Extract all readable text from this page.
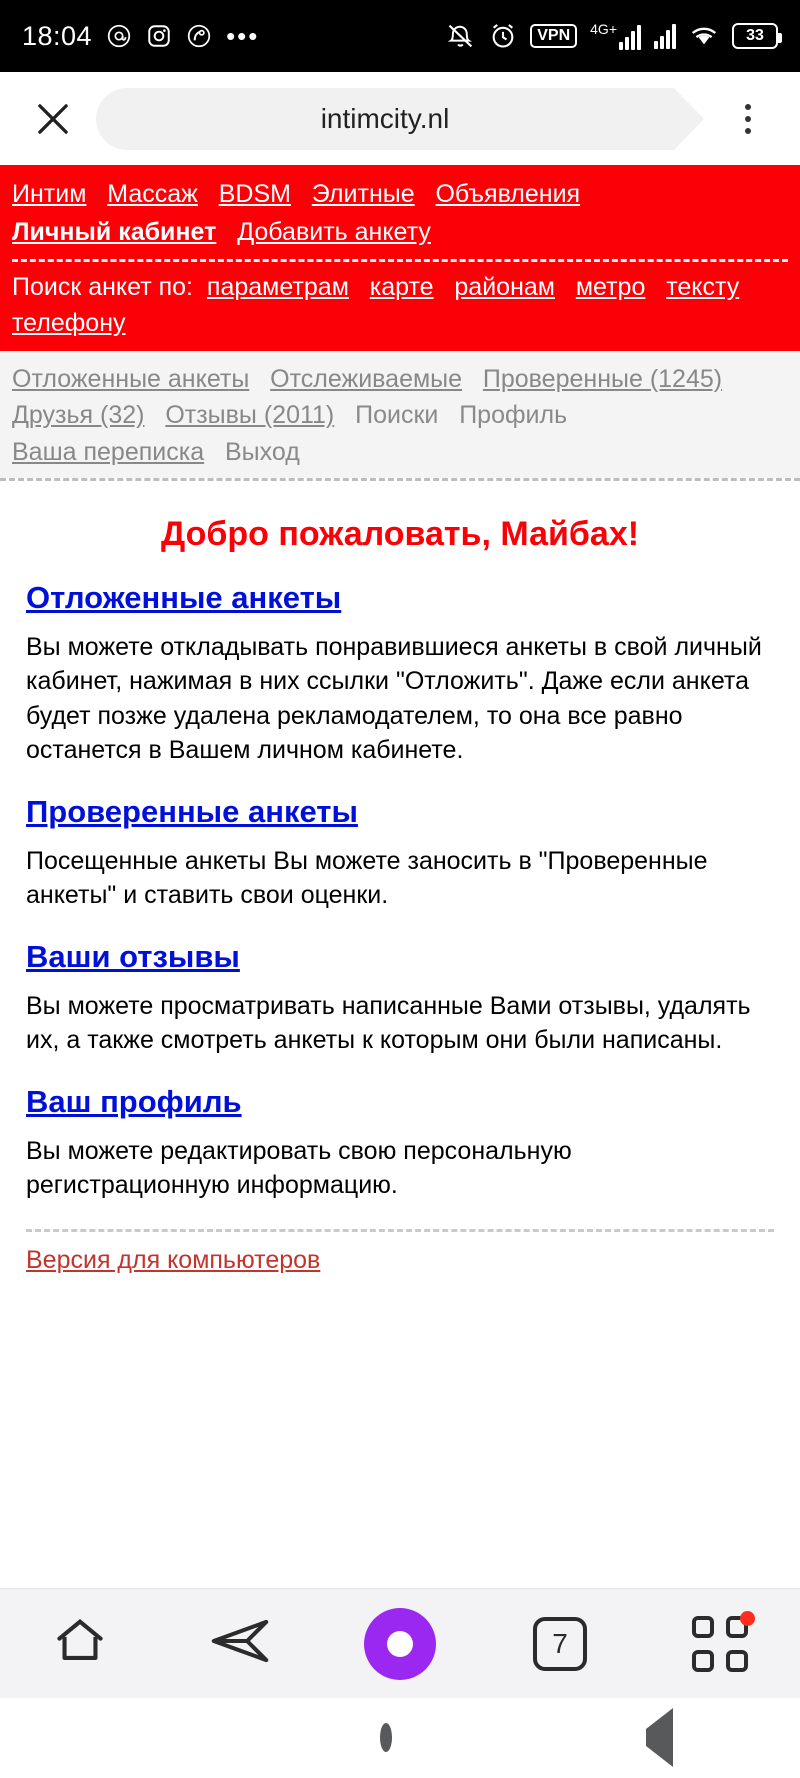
18:04	•••	VPN	4G+	33
intimcity.nl
Интим Массаж BDSM Элитные Объявления
Личный кабинет Добавить анкету
Поиск анкет по: параметрам карте районам метро тексту   телефону
Отложенные анкеты Отслеживаемые Проверенные (1245)
Друзья (32) Отзывы (2011) Поиски Профиль
Ваша переписка Выход
Добро пожаловать, Майбах!
Отложенные анкеты

Вы можете откладывать понравившиеся анкеты в свой личный кабинет, нажимая в них ссылки "Отложить". Даже если анкета будет позже удалена рекламодателем, то она все равно останется в Вашем личном кабинете.

Проверенные анкеты

Посещенные анкеты Вы можете заносить в "Проверенные анкеты" и ставить свои оценки.

Ваши отзывы

Вы можете просматривать написанные Вами отзывы, удалять их, а также смотреть анкеты к которым они были написаны.

Ваш профиль

Вы можете редактировать свою персональную регистрационную информацию.

Версия для компьютеров
7
